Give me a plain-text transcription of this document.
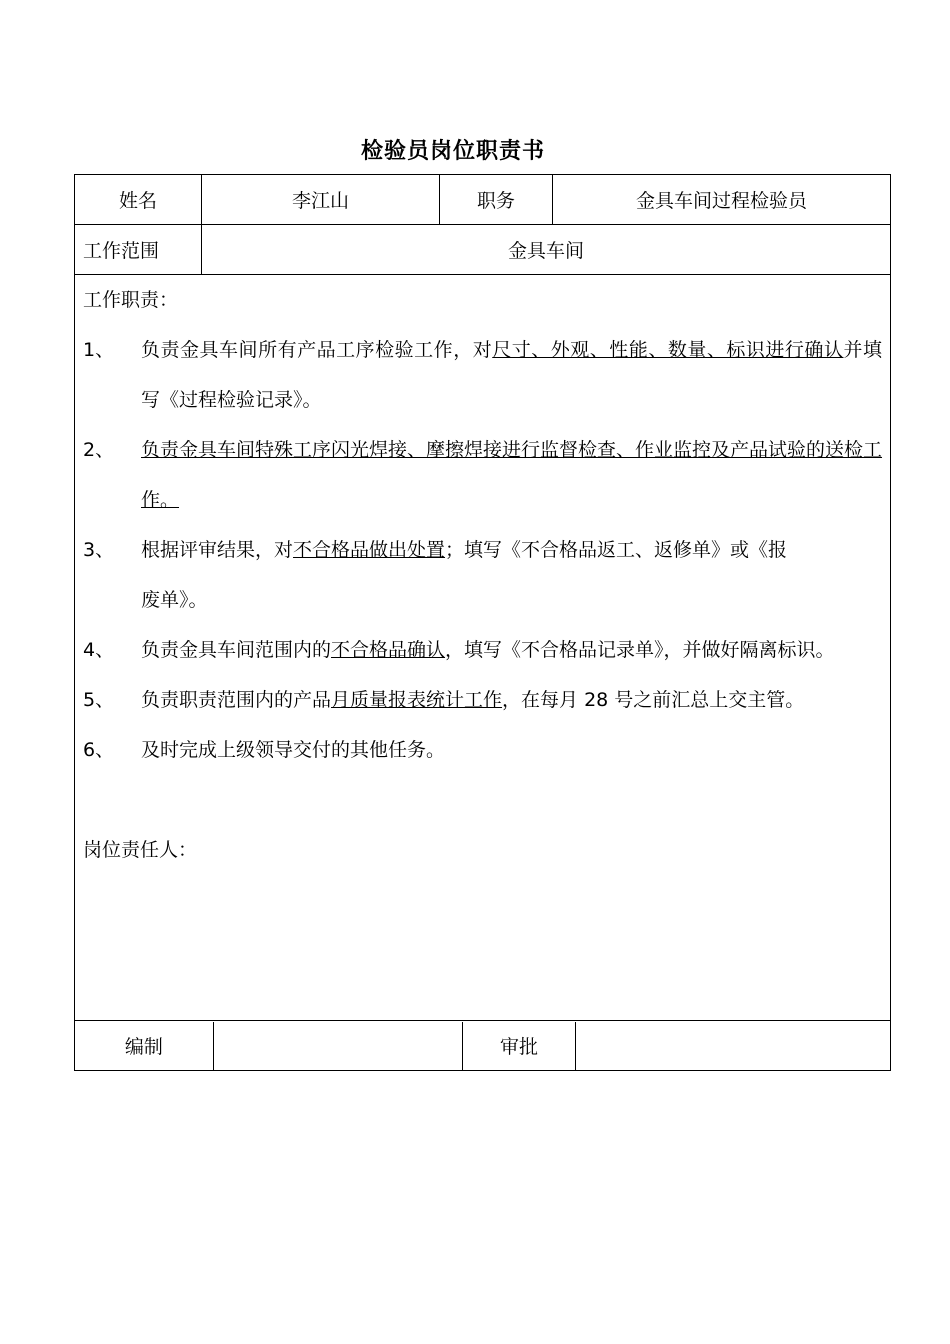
检验员岗位职责书
姓名	李江山	职务	金具车间过程检验员
工作范围	金具车间

工作职责：
1、	负责金具车间所有产品工序检验工作，对尺寸、外观、性能、数量、标识进行确认并填写《过程检验记录》。
2、	负责金具车间特殊工序闪光焊接、摩擦焊接进行监督检查、作业监控及产品试验的送检工作。
3、	根据评审结果，对不合格品做出处置；填写《不合格品返工、返修单》或《报
废单》。
4、	负责金具车间范围内的不合格品确认，填写《不合格品记录单》，并做好隔离标识。
5、	负责职责范围内的产品月质量报表统计工作，在每月 28 号之前汇总上交主管。
6、	及时完成上级领导交付的其他任务。
岗位责任人：

编制		审批	
